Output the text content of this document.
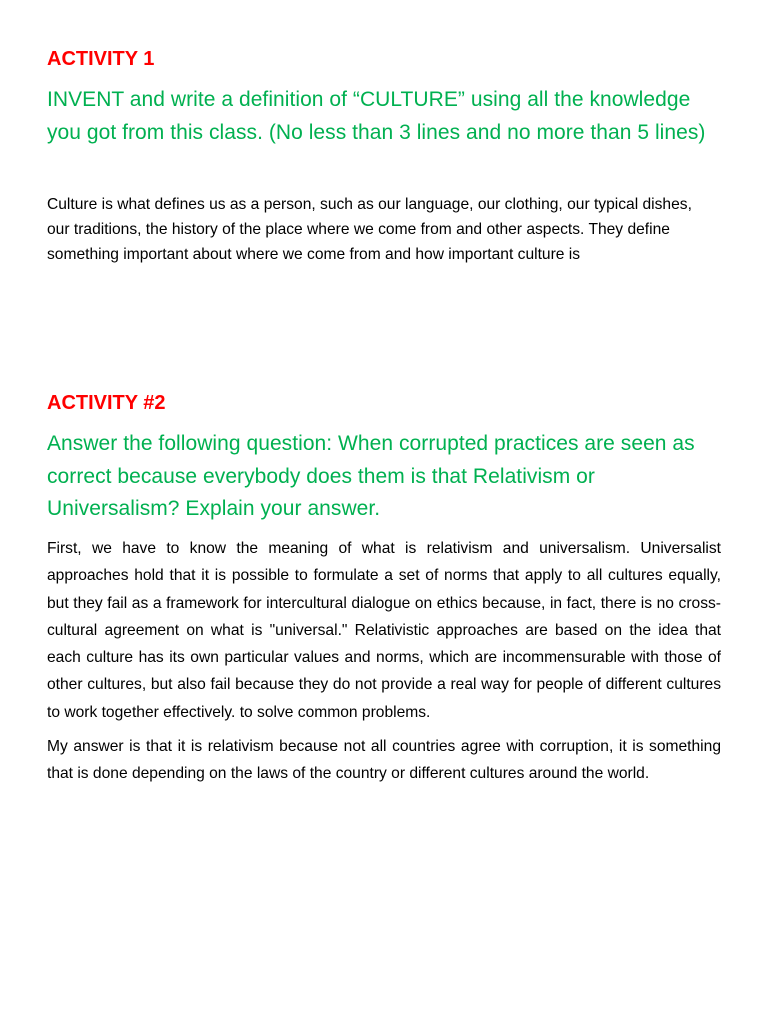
ACTIVITY 1
INVENT and write a definition of “CULTURE” using all the knowledge you got from this class. (No less than 3 lines and no more than 5 lines)
Culture is what defines us as a person, such as our language, our clothing, our typical dishes, our traditions, the history of the place where we come from and other aspects. They define something important about where we come from and how important culture is
ACTIVITY #2
Answer the following question: When corrupted practices are seen as correct because everybody does them is that Relativism or Universalism? Explain your answer.

First, we have to know the meaning of what is relativism and universalism. Universalist approaches hold that it is possible to formulate a set of norms that apply to all cultures equally, but they fail as a framework for intercultural dialogue on ethics because, in fact, there is no cross-cultural agreement on what is "universal." Relativistic approaches are based on the idea that each culture has its own particular values and norms, which are incommensurable with those of other cultures, but also fail because they do not provide a real way for people of different cultures to work together effectively. to solve common problems.

My answer is that it is relativism because not all countries agree with corruption, it is something that is done depending on the laws of the country or different cultures around the world.
